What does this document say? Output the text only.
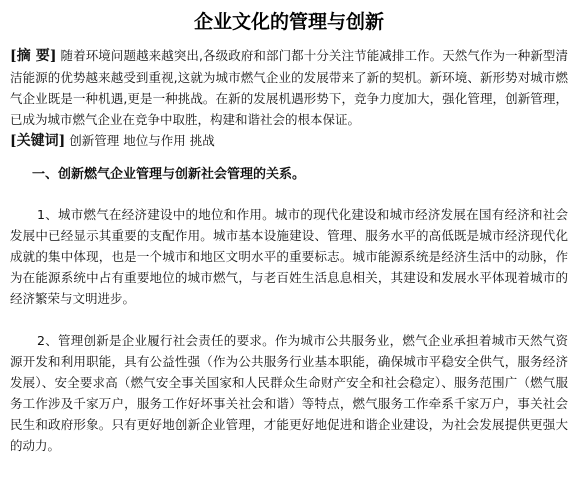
企业文化的管理与创新

[摘 要] 随着环境问题越来越突出,各级政府和部门都十分关注节能减排工作。天然气作为一种新型清洁能源的优势越来越受到重视,这就为城市燃气企业的发展带来了新的契机。新环境、新形势对城市燃气企业既是一种机遇,更是一种挑战。在新的发展机遇形势下，竞争力度加大，强化管理，创新管理，已成为城市燃气企业在竞争中取胜，构建和谐社会的根本保证。

[关键词] 创新管理 地位与作用 挑战

一、创新燃气企业管理与创新社会管理的关系。

1、城市燃气在经济建设中的地位和作用。城市的现代化建设和城市经济发展在国有经济和社会发展中已经显示其重要的支配作用。城市基本设施建设、管理、服务水平的高低既是城市经济现代化成就的集中体现，也是一个城市和地区文明水平的重要标志。城市能源系统是经济生活中的动脉，作为在能源系统中占有重要地位的城市燃气，与老百姓生活息息相关，其建设和发展水平体现着城市的经济繁荣与文明进步。

2、管理创新是企业履行社会责任的要求。作为城市公共服务业，燃气企业承担着城市天然气资源开发和利用职能，具有公益性强（作为公共服务行业基本职能，确保城市平稳安全供气，服务经济发展）、安全要求高（燃气安全事关国家和人民群众生命财产安全和社会稳定）、服务范围广（燃气服务工作涉及千家万户，服务工作好坏事关社会和谐）等特点，燃气服务工作牵系千家万户，事关社会民生和政府形象。只有更好地创新企业管理，才能更好地促进和谐企业建设，为社会发展提供更强大的动力。
